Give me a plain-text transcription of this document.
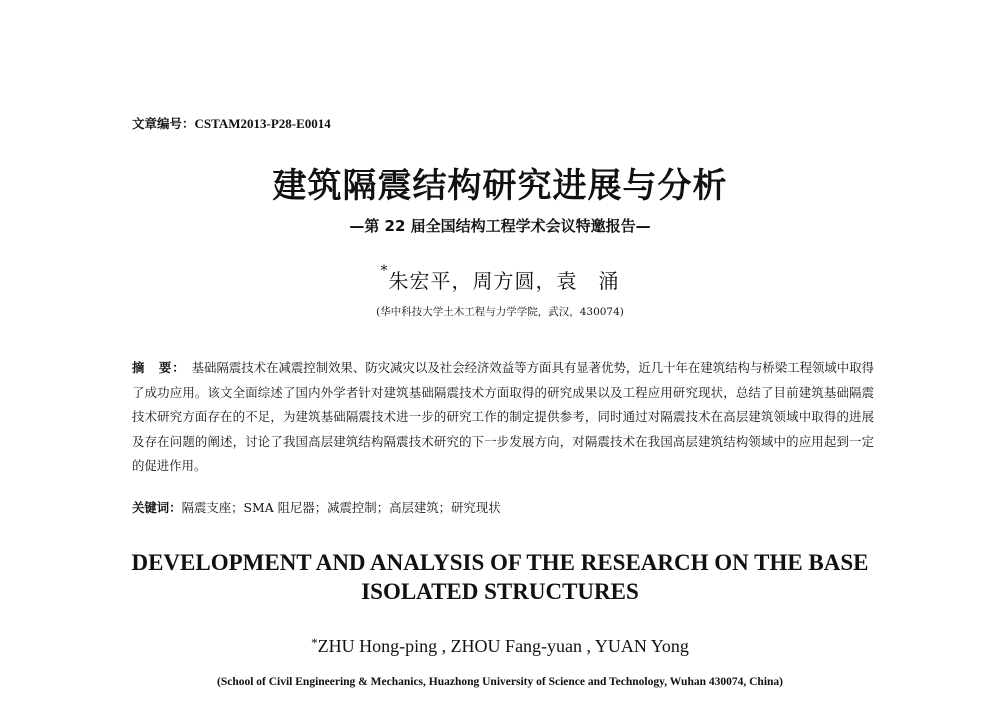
文章编号：CSTAM2013-P28-E0014
建筑隔震结构研究进展与分析
—第 22 届全国结构工程学术会议特邀报告—
*朱宏平，周方圆，袁　涌
(华中科技大学土木工程与力学学院，武汉，430074)
摘　要： 基础隔震技术在减震控制效果、防灾减灾以及社会经济效益等方面具有显著优势，近几十年在建筑结构与桥梁工程领域中取得了成功应用。该文全面综述了国内外学者针对建筑基础隔震技术方面取得的研究成果以及工程应用研究现状，总结了目前建筑基础隔震技术研究方面存在的不足，为建筑基础隔震技术进一步的研究工作的制定提供参考，同时通过对隔震技术在高层建筑领域中取得的进展及存在问题的阐述，讨论了我国高层建筑结构隔震技术研究的下一步发展方向，对隔震技术在我国高层建筑结构领域中的应用起到一定的促进作用。
关键词：隔震支座；SMA 阻尼器；减震控制；高层建筑；研究现状
DEVELOPMENT AND ANALYSIS OF THE RESEARCH ON THE BASE
ISOLATED STRUCTURES
*ZHU Hong-ping , ZHOU Fang-yuan , YUAN Yong
(School of Civil Engineering & Mechanics, Huazhong University of Science and Technology, Wuhan 430074, China)
